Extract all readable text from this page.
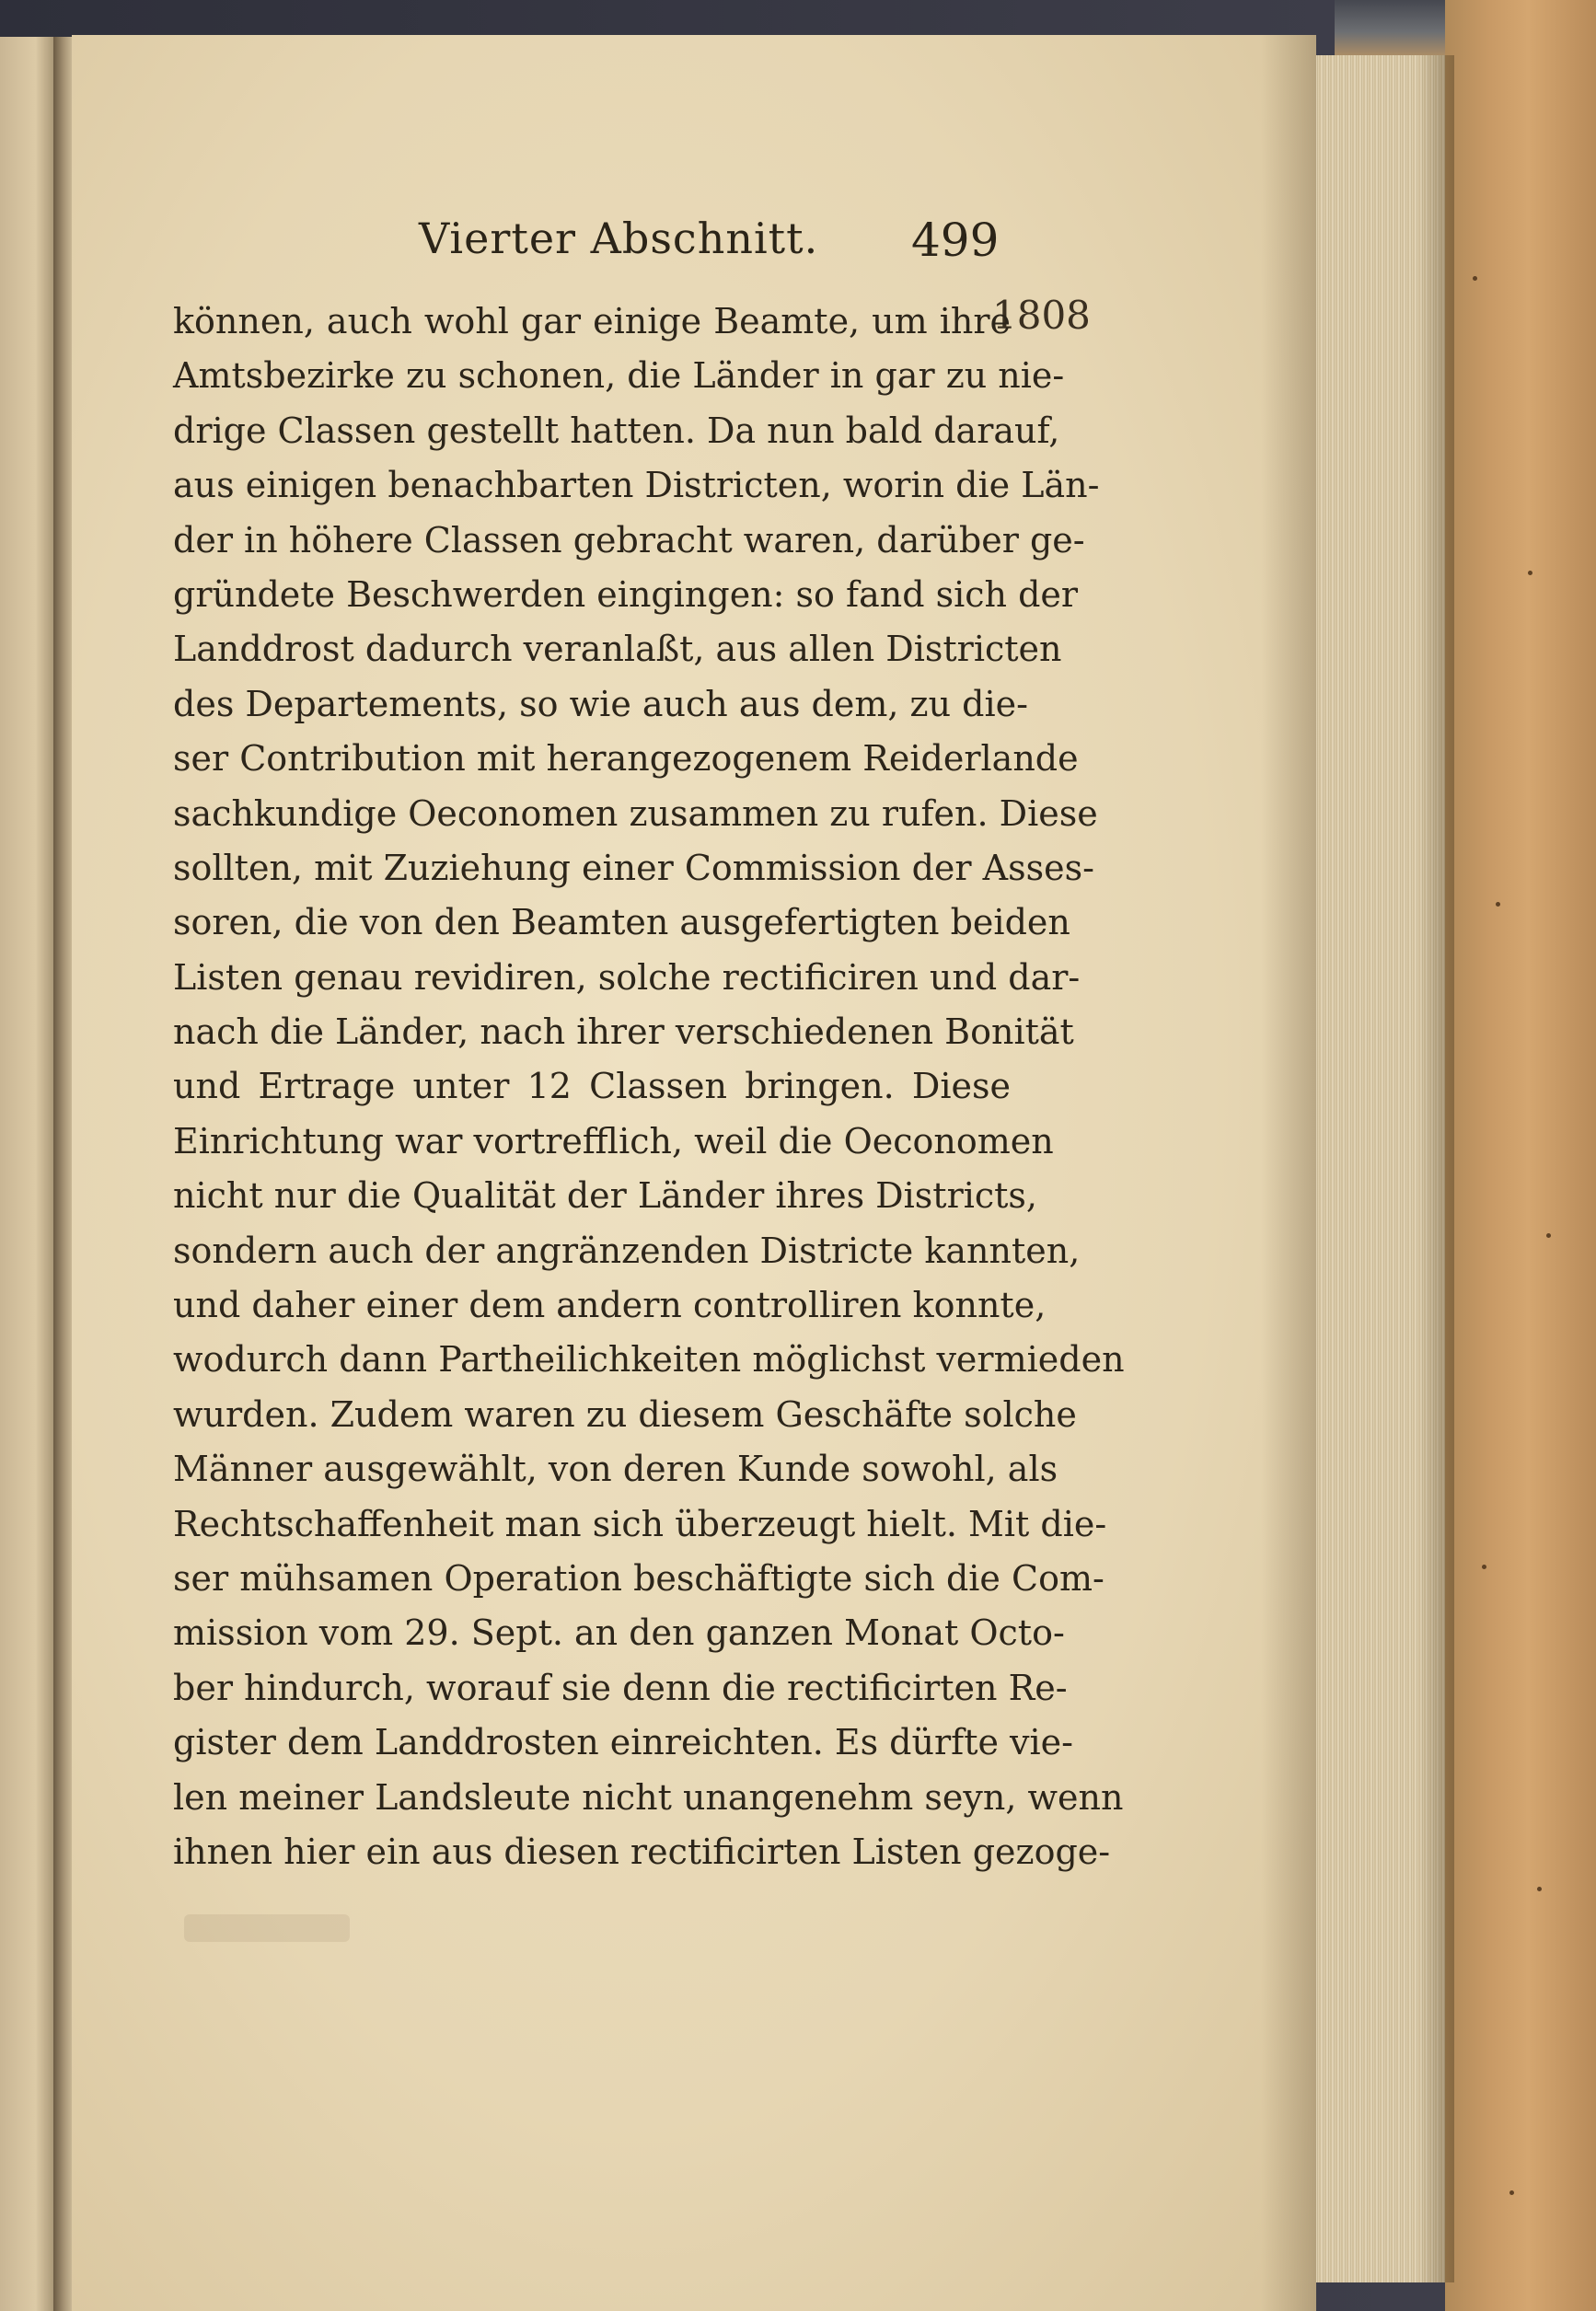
Vierter Abschnitt. 499
1808
können, auch wohl gar einige Beamte, um ihre
Amtsbezirke zu schonen, die Länder in gar zu nie-
drige Classen gestellt hatten. Da nun bald darauf,
aus einigen benachbarten Districten, worin die Län-
der in höhere Classen gebracht waren, darüber ge-
gründete Beschwerden eingingen: so fand sich der
Landdrost dadurch veranlaßt, aus allen Districten
des Departements, so wie auch aus dem, zu die-
ser Contribution mit herangezogenem Reiderlande
sachkundige Oeconomen zusammen zu rufen. Diese
sollten, mit Zuziehung einer Commission der Asses-
soren, die von den Beamten ausgefertigten beiden
Listen genau revidiren, solche rectificiren und dar-
nach die Länder, nach ihrer verschiedenen Bonität
und Ertrage unter 12 Classen bringen. Diese
Einrichtung war vortrefflich, weil die Oeconomen
nicht nur die Qualität der Länder ihres Districts,
sondern auch der angränzenden Districte kannten,
und daher einer dem andern controlliren konnte,
wodurch dann Partheilichkeiten möglichst vermieden
wurden. Zudem waren zu diesem Geschäfte solche
Männer ausgewählt, von deren Kunde sowohl, als
Rechtschaffenheit man sich überzeugt hielt. Mit die-
ser mühsamen Operation beschäftigte sich die Com-
mission vom 29. Sept. an den ganzen Monat Octo-
ber hindurch, worauf sie denn die rectificirten Re-
gister dem Landdrosten einreichten. Es dürfte vie-
len meiner Landsleute nicht unangenehm seyn, wenn
ihnen hier ein aus diesen rectificirten Listen gezoge-
